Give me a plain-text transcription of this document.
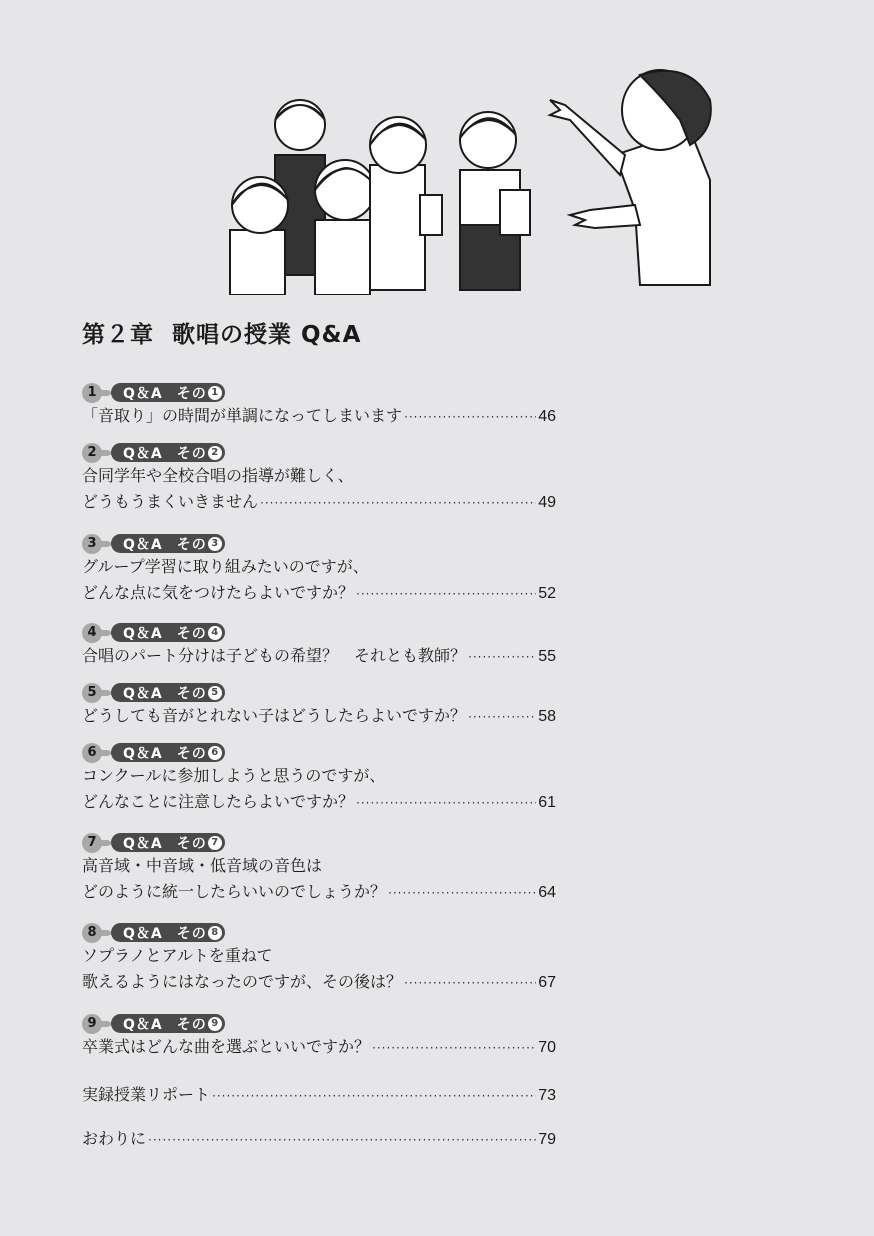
第２章 歌唱の授業 Q&A
1	Q＆A その 1
「音取り」の時間が単調になってしまいます ·····	46
2	Q＆A その 2
合同学年や全校合唱の指導が難しく、
どうもうまくいきません ·····	49
3	Q＆A その 3
グループ学習に取り組みたいのですが、
どんな点に気をつけたらよいですか？ ·····	52
4	Q＆A その 4
合唱のパート分けは子どもの希望？　それとも教師？ ·····	55
5	Q＆A その 5
どうしても音がとれない子はどうしたらよいですか？ ·····	58
6	Q＆A その 6
コンクールに参加しようと思うのですが、
どんなことに注意したらよいですか？ ·····	61
7	Q＆A その 7
高音域・中音域・低音域の音色は
どのように統一したらいいのでしょうか？ ·····	64
8	Q＆A その 8
ソプラノとアルトを重ねて
歌えるようにはなったのですが、その後は？ ·····	67
9	Q＆A その 9
卒業式はどんな曲を選ぶといいですか？ ·····	70
実録授業リポート ·····	73
おわりに ·····	79
